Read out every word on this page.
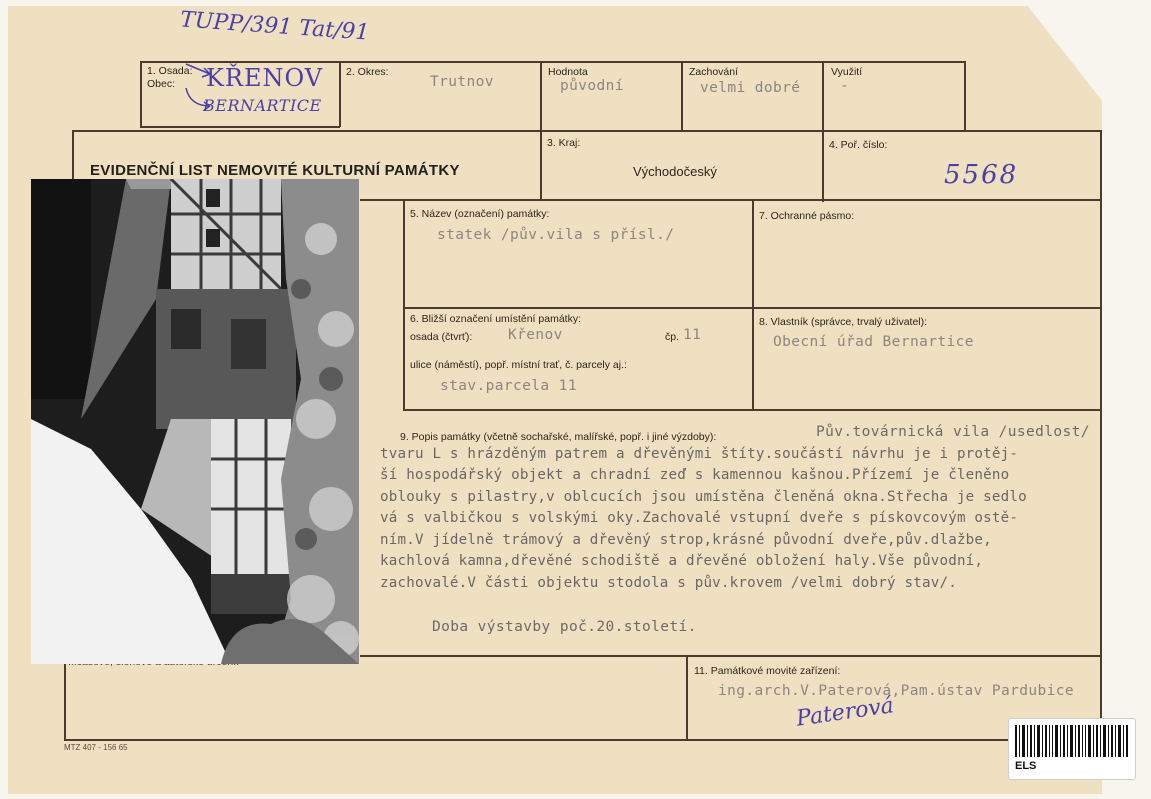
TUPP/391 Tat/91
1. Osada:
Obec: KŘENOV
BERNARTICE
2. Okres:
Trutnov
Hodnota
původní
Zachování
velmi dobré
Využití
-
EVIDENČNÍ LIST NEMOVITÉ KULTURNÍ PAMÁTKY
3. Kraj:
Východočeský
4. Poř. číslo:
5568
5. Název (označení) památky:
statek /pův.vila s přísl./
7. Ochranné pásmo:
6. Bližší označení umístění památky:
osada (čtvrť): Křenov	čp. 11
ulice (náměstí), popř. místní trať, č. parcely aj.:
stav.parcela 11
8. Vlastník (správce, trvalý uživatel):
Obecní úřad Bernartice
9. Popis památky (včetně sochařské, malířské, popř. i jiné výzdoby):	Pův.továrnická vila /usedlost/
tvaru L s hrázděným patrem a dřevěnými štíty.součástí návrhu je i protěj-
ší hospodářský objekt a chradní zeď s kamennou kašnou.Přízemí je členěno
oblouky s pilastry,v oblcucích jsou umístěna členěná okna.Střecha je sedlo
vá s valbičkou s volskými oky.Zachovalé vstupní dveře s pískovcovým ostě-
ním.V jídelně trámový a dřevěný strop,krásné původní dveře,pův.dlažbe,
kachlová kamna,dřevěné schodiště a dřevěné obložení haly.Vše původní,
zachovalé.V části objektu stodola s pův.krovem /velmi dobrý stav/.
Doba výstavby poč.20.století.
11. Památkové movité zařízení:
ing.arch.V.Paterová,Pam.ústav Pardubice
Paterová
MTZ 407 - 156 65
ELS
